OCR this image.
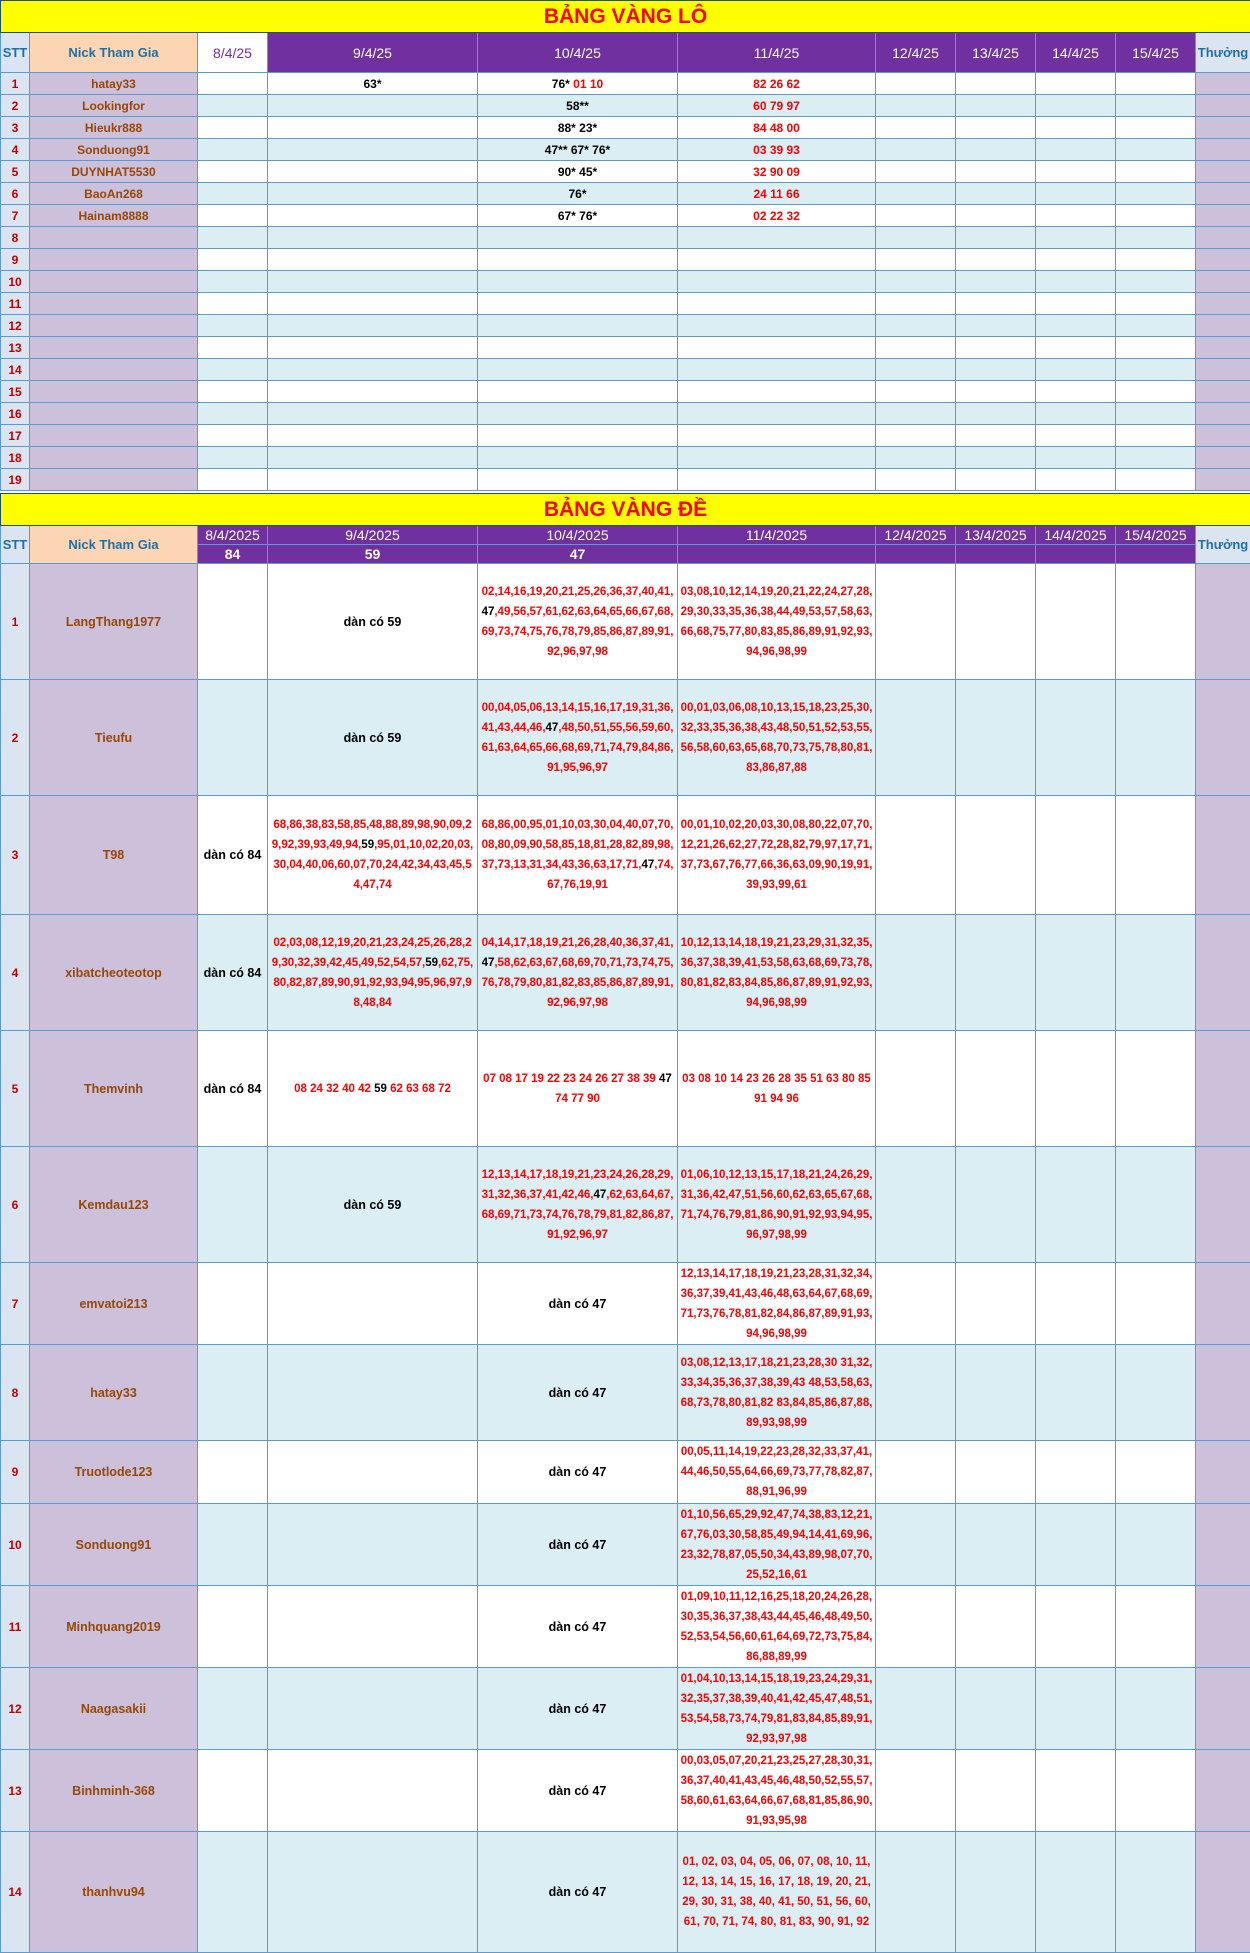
BẢNG VÀNG LÔ										
STT	Nick Tham Gia	8/4/25	9/4/25	10/4/25	11/4/25	12/4/25	13/4/25	14/4/25	15/4/25	Thưởng
1	hatay33		63*	76* 01 10	82 26 62					
2	Lookingfor			58**	60 79 97					
3	Hieukr888			88* 23*	84 48 00					
4	Sonduong91			47** 67* 76*	03 39 93					
5	DUYNHAT5530			90* 45*	32 90 09					
6	BaoAn268			76*	24 11 66					
7	Hainam8888			67* 76*	02 22 32					
8										
9										
10										
11										
12										
13										
14										
15										
16										
17										
18										
19										
BẢNG VÀNG ĐỀ										
STT	Nick Tham Gia	8/4/2025	9/4/2025	10/4/2025	11/4/2025	12/4/2025	13/4/2025	14/4/2025	15/4/2025	Thưởng
		84	59	47						
1	LangThang1977		dàn có 59	02,14,16,19,20,21,25,26,36,37,40,41,47,49,56,57,61,62,63,64,65,66,67,68,69,73,74,75,76,78,79,85,86,87,89,91,92,96,97,98	03,08,10,12,14,19,20,21,22,24,27,28,29,30,33,35,36,38,44,49,53,57,58,63,66,68,75,77,80,83,85,86,89,91,92,93,94,96,98,99					
2	Tieufu		dàn có 59	00,04,05,06,13,14,15,16,17,19,31,36,41,43,44,46,47,48,50,51,55,56,59,60,61,63,64,65,66,68,69,71,74,79,84,86,91,95,96,97	00,01,03,06,08,10,13,15,18,23,25,30,32,33,35,36,38,43,48,50,51,52,53,55,56,58,60,63,65,68,70,73,75,78,80,81,83,86,87,88					
3	T98	dàn có 84	68,86,38,83,58,85,48,88,89,98,90,09,29,92,39,93,49,94,59,95,01,10,02,20,03,30,04,40,06,60,07,70,24,42,34,43,45,54,47,74	68,86,00,95,01,10,03,30,04,40,07,70,08,80,09,90,58,85,18,81,28,82,89,98,37,73,13,31,34,43,36,63,17,71,47,74,67,76,19,91	00,01,10,02,20,03,30,08,80,22,07,70,12,21,26,62,27,72,28,82,79,97,17,71,37,73,67,76,77,66,36,63,09,90,19,91,39,93,99,61					
4	xibatcheoteotop	dàn có 84	02,03,08,12,19,20,21,23,24,25,26,28,29,30,32,39,42,45,49,52,54,57,59,62,75,80,82,87,89,90,91,92,93,94,95,96,97,98,48,84	04,14,17,18,19,21,26,28,40,36,37,41,47,58,62,63,67,68,69,70,71,73,74,75,76,78,79,80,81,82,83,85,86,87,89,91,92,96,97,98	10,12,13,14,18,19,21,23,29,31,32,35,36,37,38,39,41,53,58,63,68,69,73,78,80,81,82,83,84,85,86,87,89,91,92,93,94,96,98,99					
5	Themvinh	dàn có 84	08 24 32 40 42 59 62 63 68 72	07 08 17 19 22 23 24 26 27 38 39 47 74 77 90	03 08 10 14 23 26 28 35 51 63 80 85 91 94 96					
6	Kemdau123		dàn có 59	12,13,14,17,18,19,21,23,24,26,28,29,31,32,36,37,41,42,46,47,62,63,64,67,68,69,71,73,74,76,78,79,81,82,86,87,91,92,96,97	01,06,10,12,13,15,17,18,21,24,26,29,31,36,42,47,51,56,60,62,63,65,67,68,71,74,76,79,81,86,90,91,92,93,94,95,96,97,98,99					
7	emvatoi213			dàn có 47	12,13,14,17,18,19,21,23,28,31,32,34,36,37,39,41,43,46,48,63,64,67,68,69,71,73,76,78,81,82,84,86,87,89,91,93,94,96,98,99					
8	hatay33			dàn có 47	03,08,12,13,17,18,21,23,28,30 31,32,33,34,35,36,37,38,39,43 48,53,58,63,68,73,78,80,81,82 83,84,85,86,87,88,89,93,98,99					
9	Truotlode123			dàn có 47	00,05,11,14,19,22,23,28,32,33,37,41,44,46,50,55,64,66,69,73,77,78,82,87,88,91,96,99					
10	Sonduong91			dàn có 47	01,10,56,65,29,92,47,74,38,83,12,21,67,76,03,30,58,85,49,94,14,41,69,96,23,32,78,87,05,50,34,43,89,98,07,70,25,52,16,61					
11	Minhquang2019			dàn có 47	01,09,10,11,12,16,25,18,20,24,26,28,30,35,36,37,38,43,44,45,46,48,49,50,52,53,54,56,60,61,64,69,72,73,75,84,86,88,89,99					
12	Naagasakii			dàn có 47	01,04,10,13,14,15,18,19,23,24,29,31,32,35,37,38,39,40,41,42,45,47,48,51,53,54,58,73,74,79,81,83,84,85,89,91,92,93,97,98					
13	Binhminh-368			dàn có 47	00,03,05,07,20,21,23,25,27,28,30,31,36,37,40,41,43,45,46,48,50,52,55,57,58,60,61,63,64,66,67,68,81,85,86,90,91,93,95,98					
14	thanhvu94			dàn có 47	01, 02, 03, 04, 05, 06, 07, 08, 10, 11, 12, 13, 14, 15, 16, 17, 18, 19, 20, 21, 29, 30, 31, 38, 40, 41, 50, 51, 56, 60, 61, 70, 71, 74, 80, 81, 83, 90, 91, 92					
